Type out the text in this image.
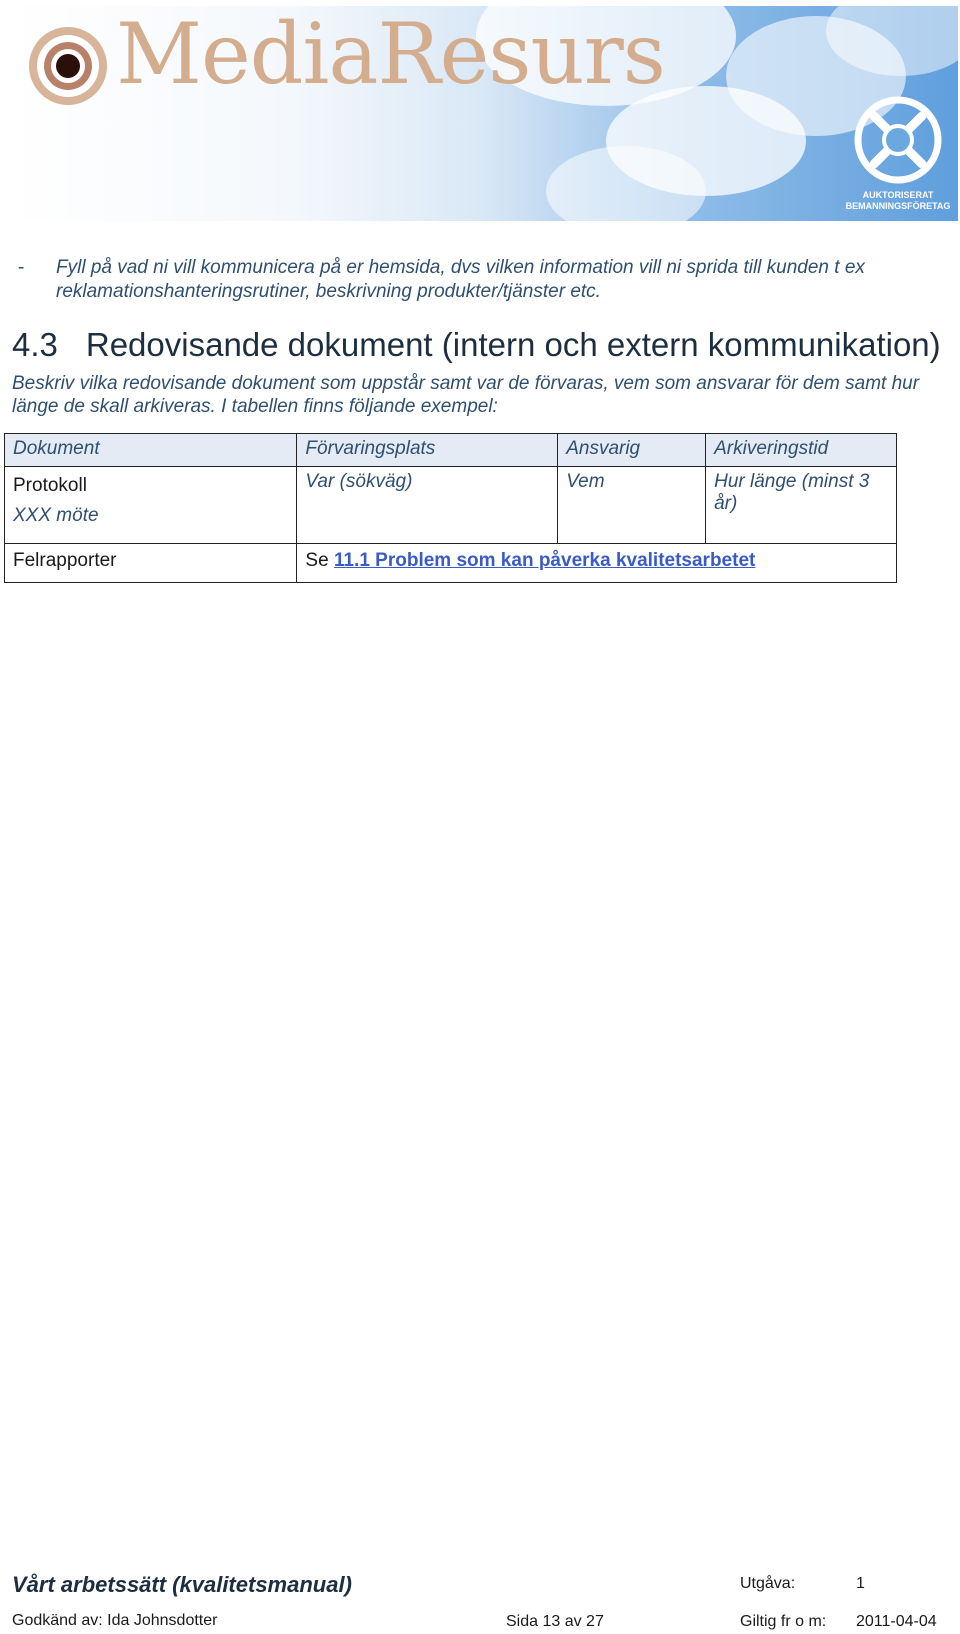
MediaResurs
AUKTORISERAT
BEMANNINGSFÖRETAG
- Fyll på vad ni vill kommunicera på er hemsida, dvs vilken information vill ni sprida till kunden t ex reklamationshanteringsrutiner, beskrivning produkter/tjänster etc.
4.3 Redovisande dokument (intern och extern kommunikation)
Beskriv vilka redovisande dokument som uppstår samt var de förvaras, vem som ansvarar för dem samt hur länge de skall arkiveras. I tabellen finns följande exempel:
Dokument	Förvaringsplats	Ansvarig	Arkiveringstid

Protokoll
XXX möte	Var (sökväg)	Vem	Hur länge (minst 3 år)
Felrapporter	Se 11.1 Problem som kan påverka kvalitetsarbetet		
Vårt arbetssätt (kvalitetsmanual)	Utgåva:	1
Godkänd av: Ida Johnsdotter	Sida 13 av 27	Giltig fr o m: 2011-04-04
